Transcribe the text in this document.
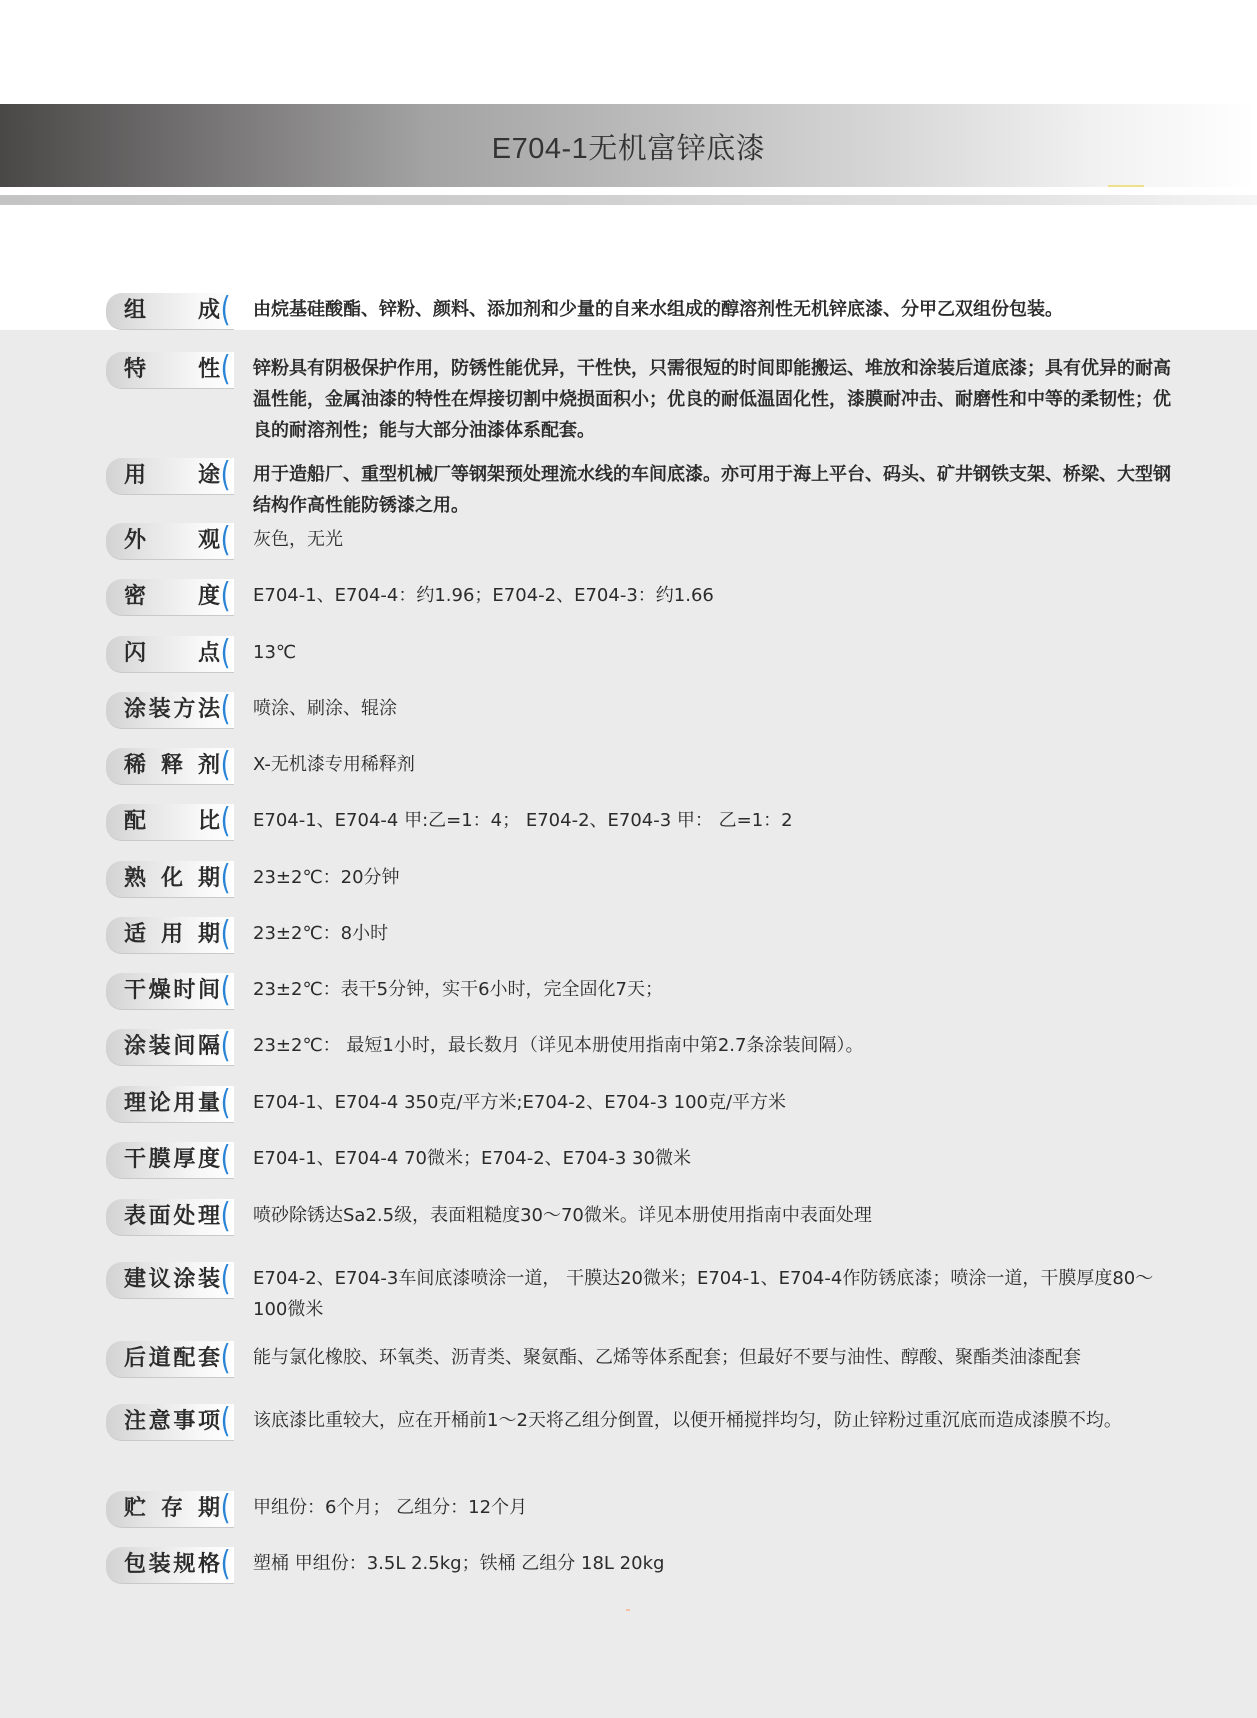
E704-1无机富锌底漆
组 成 ( 由烷基硅酸酯、锌粉、颜料、添加剂和少量的自来水组成的醇溶剂性无机锌底漆、分甲乙双组份包装。
特 性 ( 锌粉具有阴极保护作用，防锈性能优异，干性快，只需很短的时间即能搬运、堆放和涂装后道底漆；具有优异的耐高温性能，金属油漆的特性在焊接切割中烧损面积小；优良的耐低温固化性，漆膜耐冲击、耐磨性和中等的柔韧性；优良的耐溶剂性；能与大部分油漆体系配套。
用 途 ( 用于造船厂、重型机械厂等钢架预处理流水线的车间底漆。亦可用于海上平台、码头、矿井钢铁支架、桥梁、大型钢结构作高性能防锈漆之用。
外 观 ( 灰色，无光
密 度 ( E704-1、E704-4：约1.96；E704-2、E704-3：约1.66
闪 点 ( 13℃
涂 装 方 法 ( 喷涂、刷涂、辊涂
稀 释 剂 ( X-无机漆专用稀释剂
配 比 ( E704-1、E704-4 甲:乙=1：4； E704-2、E704-3 甲： 乙=1：2
熟 化 期 ( 23±2℃：20分钟
适 用 期 ( 23±2℃：8小时
干 燥 时 间 ( 23±2℃：表干5分钟，实干6小时，完全固化7天；
涂 装 间 隔 ( 23±2℃： 最短1小时，最长数月（详见本册使用指南中第2.7条涂装间隔）。
理 论 用 量 ( E704-1、E704-4 350克/平方米;E704-2、E704-3 100克/平方米
干 膜 厚 度 ( E704-1、E704-4 70微米；E704-2、E704-3 30微米
表 面 处 理 ( 喷砂除锈达Sa2.5级，表面粗糙度30～70微米。详见本册使用指南中表面处理
建 议 涂 装 ( E704-2、E704-3车间底漆喷涂一道， 干膜达20微米；E704-1、E704-4作防锈底漆；喷涂一道，干膜厚度80～100微米
后 道 配 套 ( 能与氯化橡胶、环氧类、沥青类、聚氨酯、乙烯等体系配套；但最好不要与油性、醇酸、聚酯类油漆配套
注 意 事 项 ( 该底漆比重较大，应在开桶前1～2天将乙组分倒置，以便开桶搅拌均匀，防止锌粉过重沉底而造成漆膜不均。
贮 存 期 ( 甲组份：6个月； 乙组分：12个月
包 装 规 格 ( 塑桶 甲组份：3.5L 2.5kg；铁桶 乙组分 18L 20kg
